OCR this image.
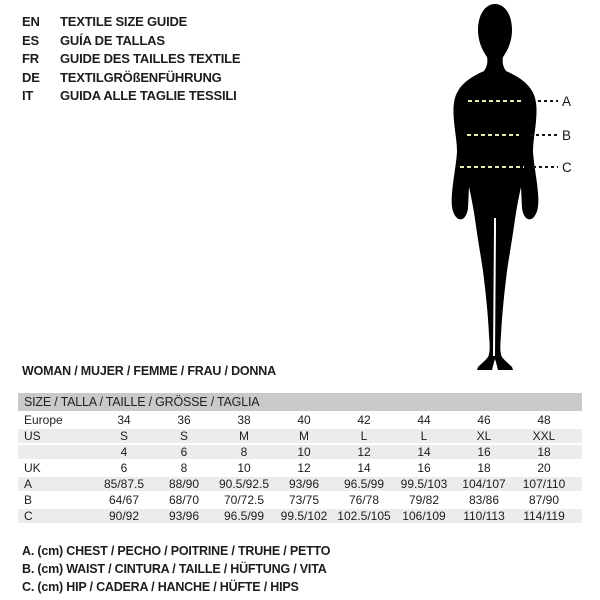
EN	TEXTILE SIZE GUIDE
ES	GUÍA DE TALLAS
FR	GUIDE DES TAILLES TEXTILE
DE	TEXTILGRÖßENFÜHRUNG
IT	GUIDA ALLE TAGLIE TESSILI	A
B
C
WOMAN / MUJER / FEMME / FRAU / DONNA
SIZE / TALLA / TAILLE / GRÖSSE / TAGLIA									
Europe	34	36	38	40	42	44	46	48	
US	S	S	M	M	L	L	XL	XXL	
	4	6	8	10	12	14	16	18	
UK	6	8	10	12	14	16	18	20	
A	85/87.5	88/90	90.5/92.5	93/96	96.5/99	99.5/103	104/107	107/110	
B	64/67	68/70	70/72.5	73/75	76/78	79/82	83/86	87/90	
C	90/92	93/96	96.5/99	99.5/102	102.5/105	106/109	110/113	114/119	
A. (cm) CHEST / PECHO / POITRINE / TRUHE / PETTO
B. (cm) WAIST / CINTURA / TAILLE / HÜFTUNG / VITA
C. (cm) HIP / CADERA / HANCHE / HÜFTE / HIPS
